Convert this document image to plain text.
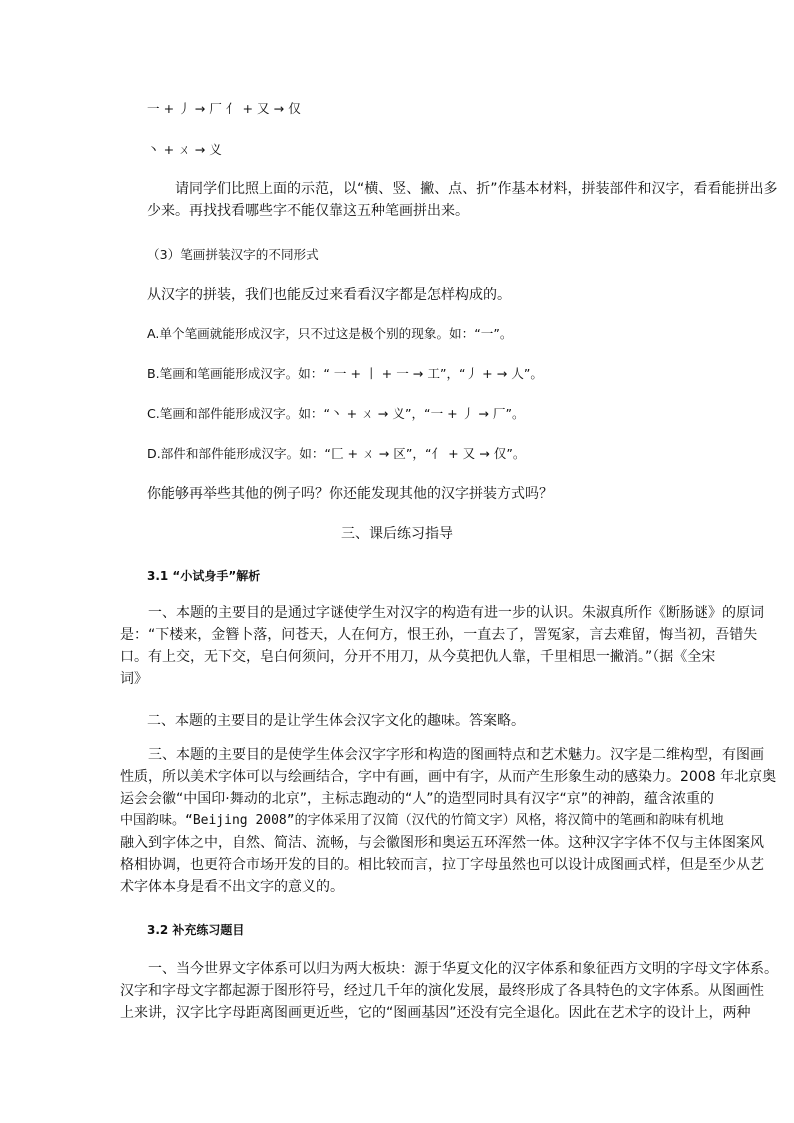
一 + 丿 → 厂 亻 + 又 → 仅

丶 + ㄨ → 义

请同学们比照上面的示范，以“横、竖、撇、点、折”作基本材料，拼装部件和汉字，看看能拼出多
少来。再找找看哪些字不能仅靠这五种笔画拼出来。

（3）笔画拼装汉字的不同形式

从汉字的拼装，我们也能反过来看看汉字都是怎样构成的。

A.单个笔画就能形成汉字，只不过这是极个别的现象。如：“一”。

B.笔画和笔画能形成汉字。如：“ 一 + 丨 + 一 → 工”，“丿 + → 人”。

C.笔画和部件能形成汉字。如：“丶 + ㄨ → 义”，“一 + 丿 → 厂”。

D.部件和部件能形成汉字。如：“匚 + ㄨ → 区”，“亻 + 又 → 仅”。

你能够再举些其他的例子吗？你还能发现其他的汉字拼装方式吗？

三、课后练习指导
3.1 “小试身手”解析
一、本题的主要目的是通过字谜使学生对汉字的构造有进一步的认识。朱淑真所作《断肠谜》的原词
是：“下楼来，金簪卜落，问苍天，人在何方，恨王孙，一直去了，詈冤家，言去难留，悔当初，吾错失
口。有上交，无下交，皂白何须问，分开不用刀，从今莫把仇人靠，千里相思一撇消。”（据《全宋
词》

二、本题的主要目的是让学生体会汉字文化的趣味。答案略。

三、本题的主要目的是使学生体会汉字字形和构造的图画特点和艺术魅力。汉字是二维构型，有图画
性质，所以美术字体可以与绘画结合，字中有画，画中有字，从而产生形象生动的感染力。2008 年北京奥
运会会徽“中国印·舞动的北京”，主标志跑动的“人”的造型同时具有汉字“京”的神韵，蕴含浓重的
中国韵味。“Beijing 2008”的字体采用了汉简（汉代的竹简文字）风格，将汉简中的笔画和韵味有机地
融入到字体之中，自然、简洁、流畅，与会徽图形和奥运五环浑然一体。这种汉字字体不仅与主体图案风
格相协调，也更符合市场开发的目的。相比较而言，拉丁字母虽然也可以设计成图画式样，但是至少从艺
术字体本身是看不出文字的意义的。
3.2 补充练习题目
一、当今世界文字体系可以归为两大板块：源于华夏文化的汉字体系和象征西方文明的字母文字体系。
汉字和字母文字都起源于图形符号，经过几千年的演化发展，最终形成了各具特色的文字体系。从图画性
上来讲，汉字比字母距离图画更近些，它的“图画基因”还没有完全退化。因此在艺术字的设计上，两种
